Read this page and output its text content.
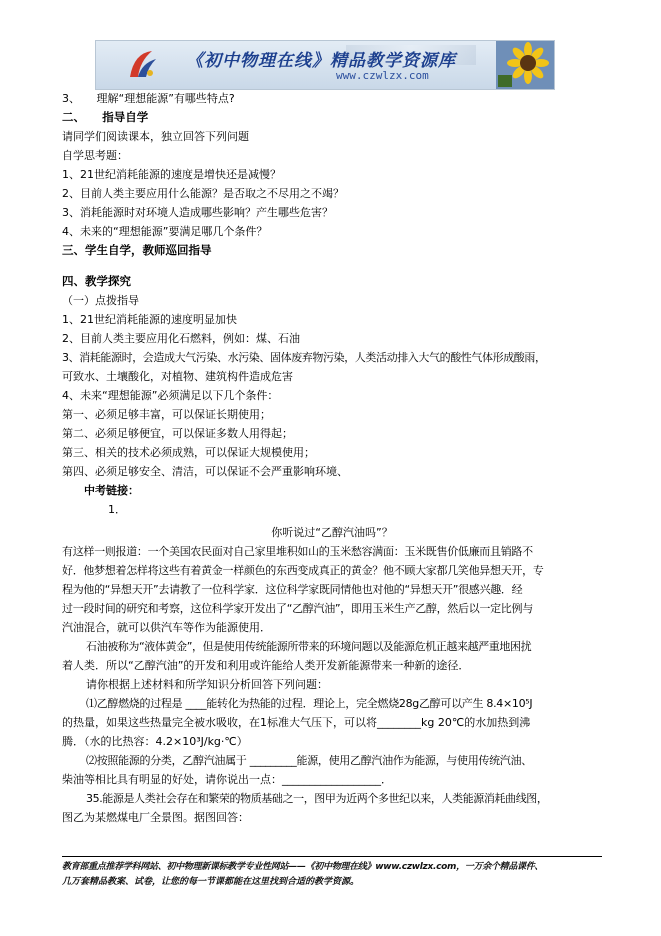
《初中物理在线》精品教学资源库
www.czwlzx.com
3、　　理解“理想能源”有哪些特点?
二、　　指导自学
请同学们阅读课本，独立回答下列问题
自学思考题：
1、21世纪消耗能源的速度是增快还是减慢？
2、目前人类主要应用什么能源？是否取之不尽用之不竭？
3、消耗能源时对环境人造成哪些影响？产生哪些危害？
4、未来的“理想能源”要满足哪几个条件？
三、学生自学，教师巡回指导
四、教学探究
（一）点拨指导
1、21世纪消耗能源的速度明显加快
2、目前人类主要应用化石燃料，例如：煤、石油
3、消耗能源时，会造成大气污染、水污染、固体废弃物污染，人类活动排入大气的酸性气体形成酸雨，
可致水、土壤酸化，对植物、建筑构件造成危害
4、未来“理想能源”必须满足以下几个条件：
第一、必须足够丰富，可以保证长期使用；
第二、必须足够便宜，可以保证多数人用得起；
第三、相关的技术必须成熟，可以保证大规模使用；
第四、必须足够安全、清洁，可以保证不会严重影响环境、
中考链接：
1．
你听说过“乙醇汽油吗”？
有这样一则报道：一个美国农民面对自己家里堆积如山的玉米愁容满面：玉米既售价低廉而且销路不
好．他梦想着怎样将这些有着黄金一样颜色的东西变成真正的黄金？他不顾大家都几笑他异想天开，专
程为他的“异想天开”去请教了一位科学家．这位科学家既同情他也对他的“异想天开”很感兴趣．经
过一段时间的研究和考察，这位科学家开发出了“乙醇汽油”，即用玉米生产乙醇，然后以一定比例与
汽油混合，就可以供汽车等作为能源使用．
石油被称为“液体黄金”，但是使用传统能源所带来的环境问题以及能源危机正越来越严重地困扰
着人类．所以“乙醇汽油”的开发和利用或许能给人类开发新能源带来一种新的途径．
请你根据上述材料和所学知识分析回答下列问题：
⑴乙醇燃烧的过程是 ____能转化为热能的过程．理论上，完全燃烧28g乙醇可以产生 8.4×10⁵J
的热量，如果这些热量完全被水吸收，在1标准大气压下，可以将________kg 20℃的水加热到沸
腾．（水的比热容：4.2×10³J/kg·℃）
⑵按照能源的分类，乙醇汽油属于 _________能源，使用乙醇汽油作为能源，与使用传统汽油、
柴油等相比具有明显的好处，请你说出一点：__________________．
35.能源是人类社会存在和繁荣的物质基础之一，图甲为近两个多世纪以来，人类能源消耗曲线图，
图乙为某燃煤电厂全景图。据图回答：
教育部重点推荐学科网站、初中物理新课标教学专业性网站——《初中物理在线》www.czwlzx.com，一万余个精品课件、
几万套精品教案、试卷，让您的每一节课都能在这里找到合适的教学资源。
